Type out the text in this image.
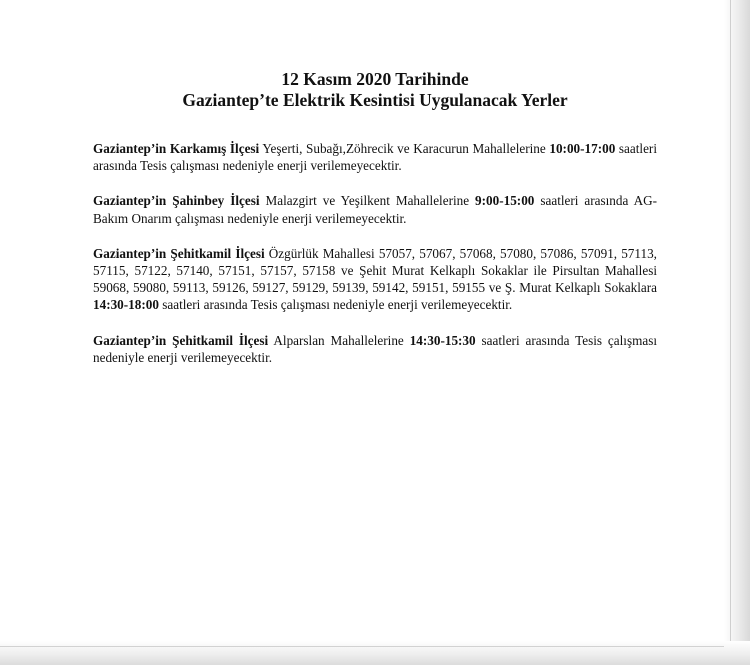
12 Kasım 2020 Tarihinde
Gaziantep’te Elektrik Kesintisi Uygulanacak Yerler

Gaziantep’in Karkamış İlçesi Yeşerti, Subağı,Zöhrecik ve Karacurun Mahallelerine 10:00-17:00 saatleri arasında Tesis çalışması nedeniyle enerji verilemeyecektir.

Gaziantep’in Şahinbey İlçesi Malazgirt ve Yeşilkent Mahallelerine 9:00-15:00 saatleri arasında AG-Bakım Onarım çalışması nedeniyle enerji verilemeyecektir.

Gaziantep’in Şehitkamil İlçesi Özgürlük Mahallesi 57057, 57067, 57068, 57080, 57086, 57091, 57113, 57115, 57122, 57140, 57151, 57157, 57158 ve Şehit Murat Kelkaplı Sokaklar ile Pirsultan Mahallesi 59068, 59080, 59113, 59126, 59127, 59129, 59139, 59142, 59151, 59155 ve Ş. Murat Kelkaplı Sokaklara 14:30-18:00 saatleri arasında Tesis çalışması nedeniyle enerji verilemeyecektir.

Gaziantep’in Şehitkamil İlçesi Alparslan Mahallelerine 14:30-15:30 saatleri arasında Tesis çalışması nedeniyle enerji verilemeyecektir.
